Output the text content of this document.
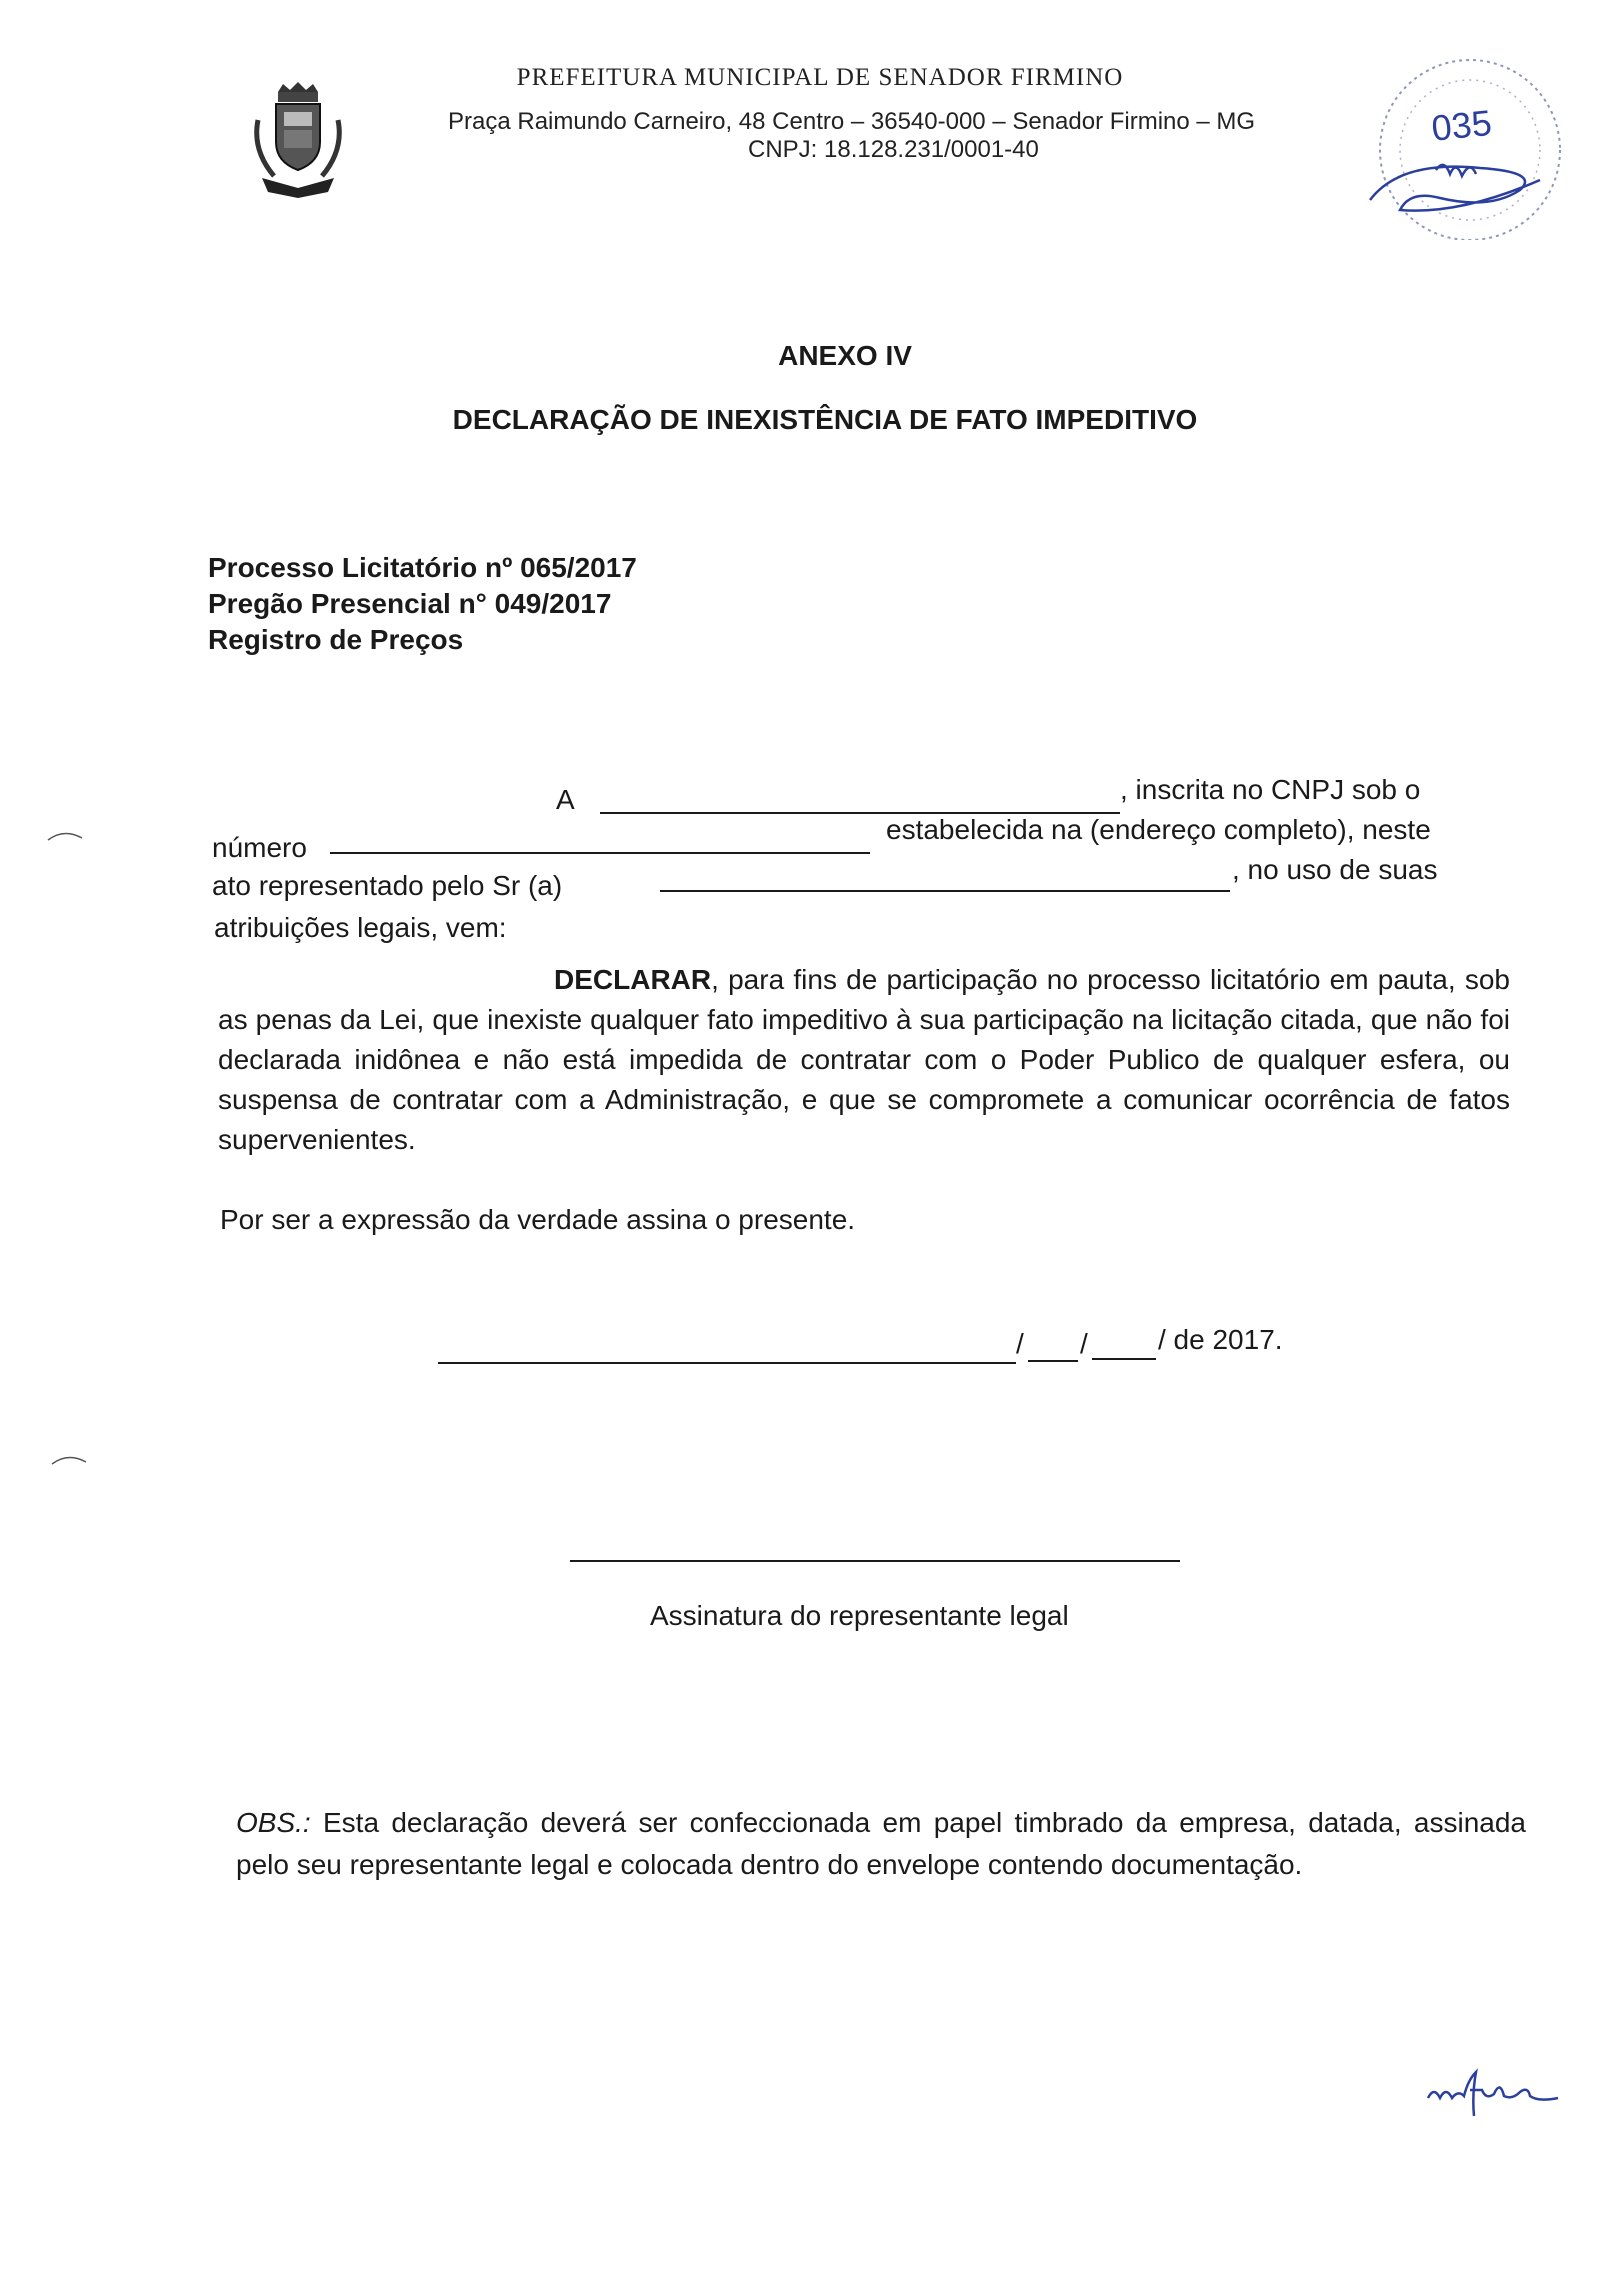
PREFEITURA MUNICIPAL DE SENADOR FIRMINO
Praça Raimundo Carneiro, 48 Centro – 36540-000 – Senador Firmino – MG
CNPJ: 18.128.231/0001-40
035
ANEXO IV
DECLARAÇÃO DE INEXISTÊNCIA DE FATO IMPEDITIVO
Processo Licitatório nº 065/2017
Pregão Presencial n° 049/2017
Registro de Preços
A	, inscrita no CNPJ sob o
número
estabelecida na (endereço completo), neste
ato representado pelo Sr (a)
, no uso de suas
atribuições legais, vem:
DECLARAR, para fins de participação no processo licitatório em pauta, sob as penas da Lei, que inexiste qualquer fato impeditivo à sua participação na licitação citada, que não foi declarada inidônea e não está impedida de contratar com o Poder Publico de qualquer esfera, ou suspensa de contratar com a Administração, e que se compromete a comunicar ocorrência de fatos supervenientes.
Por ser a expressão da verdade assina o presente.
/ /	/ de 2017.
Assinatura do representante legal
OBS.: Esta declaração deverá ser confeccionada em papel timbrado da empresa, datada, assinada pelo seu representante legal e colocada dentro do envelope contendo documentação.
